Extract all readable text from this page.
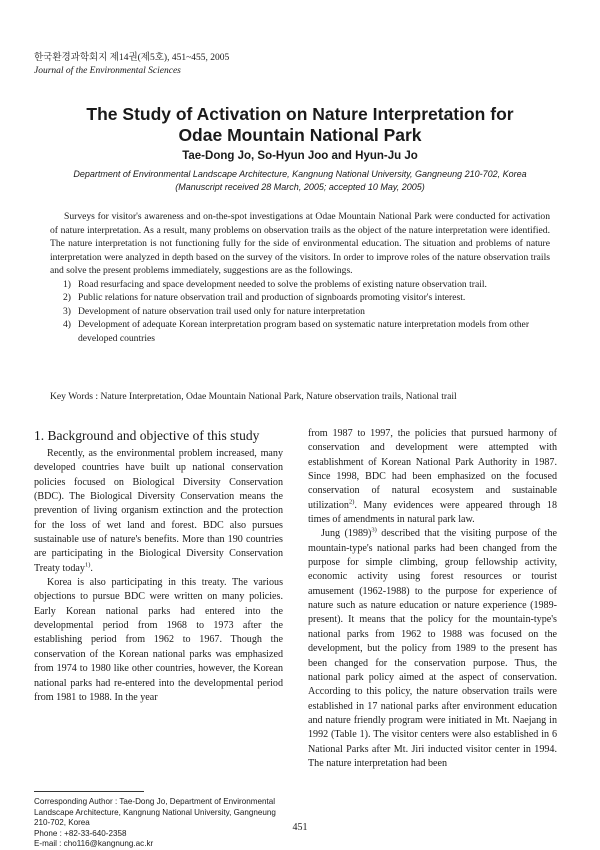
한국환경과학회지 제14권(제5호), 451~455, 2005
Journal of the Environmental Sciences
The Study of Activation on Nature Interpretation for
Odae Mountain National Park
Tae-Dong Jo, So-Hyun Joo and Hyun-Ju Jo
Department of Environmental Landscape Architecture, Kangnung National University, Gangneung 210-702, Korea
(Manuscript received 28 March, 2005; accepted 10 May, 2005)

Surveys for visitor's awareness and on-the-spot investigations at Odae Mountain National Park were conducted for activation of nature interpretation. As a result, many problems on observation trails as the object of the nature interpretation were identified. The nature interpretation is not functioning fully for the side of environmental education. The situation and problems of nature interpretation were analyzed in depth based on the survey of the visitors. In order to improve roles of the nature observation trails and solve the present problems immediately, suggestions are as the followings.

1) Road resurfacing and space development needed to solve the problems of existing nature observation trail.
2) Public relations for nature observation trail and production of signboards promoting visitor's interest.
3) Development of nature observation trail used only for nature interpretation
4) Development of adequate Korean interpretation program based on systematic nature interpretation models from other developed countries
Key Words : Nature Interpretation, Odae Mountain National Park, Nature observation trails, National trail
1. Background and objective of this study

Recently, as the environmental problem increased, many developed countries have built up national conservation policies focused on Biological Diversity Conservation (BDC). The Biological Diversity Conservation means the prevention of living organism extinction and the protection for the loss of wet land and forest. BDC also pursues sustainable use of nature's benefits. More than 190 countries are participating in the Biological Diversity Conservation Treaty today$^{1)}$.

Korea is also participating in this treaty. The various objections to pursue BDC were written on many policies. Early Korean national parks had entered into the developmental period from 1968 to 1973 after the establishing period from 1962 to 1967. Though the conservation of the Korean national parks was emphasized from 1974 to 1980 like other countries, however, the Korean national parks had re-entered into the developmental period from 1981 to 1988. In the year

from 1987 to 1997, the policies that pursued harmony of conservation and development were attempted with establishment of Korean National Park Authority in 1987. Since 1998, BDC had been emphasized on the focused conservation of natural ecosystem and sustainable utilization$^{2)}$. Many evidences were appeared through 18 times of amendments in natural park law.

Jung $(1989)^{3)}$ described that the visiting purpose of the mountain-type's national parks had been changed from the purpose for simple climbing, group fellowship activity, economic activity using forest resources or tourist amusement (1962-1988) to the purpose for experience of nature such as nature education or nature experience (1989-present). It means that the policy for the mountain-type's national parks from 1962 to 1988 was focused on the development, but the policy from 1989 to the present has been changed for the conservation purpose. Thus, the national park policy aimed at the aspect of conservation. According to this policy, the nature observation trails were established in 17 national parks after environment education and nature friendly program were initiated in Mt. Naejang in 1992 (Table 1). The visitor centers were also established in 6 National Parks after Mt. Jiri inducted visitor center in 1994. The nature interpretation had been

Corresponding Author : Tae-Dong Jo, Department of Environmental Landscape Architecture, Kangnung National University, Gangneung 210-702, Korea
Phone : +82-33-640-2358
E-mail : cho116@kangnung.ac.kr
451
